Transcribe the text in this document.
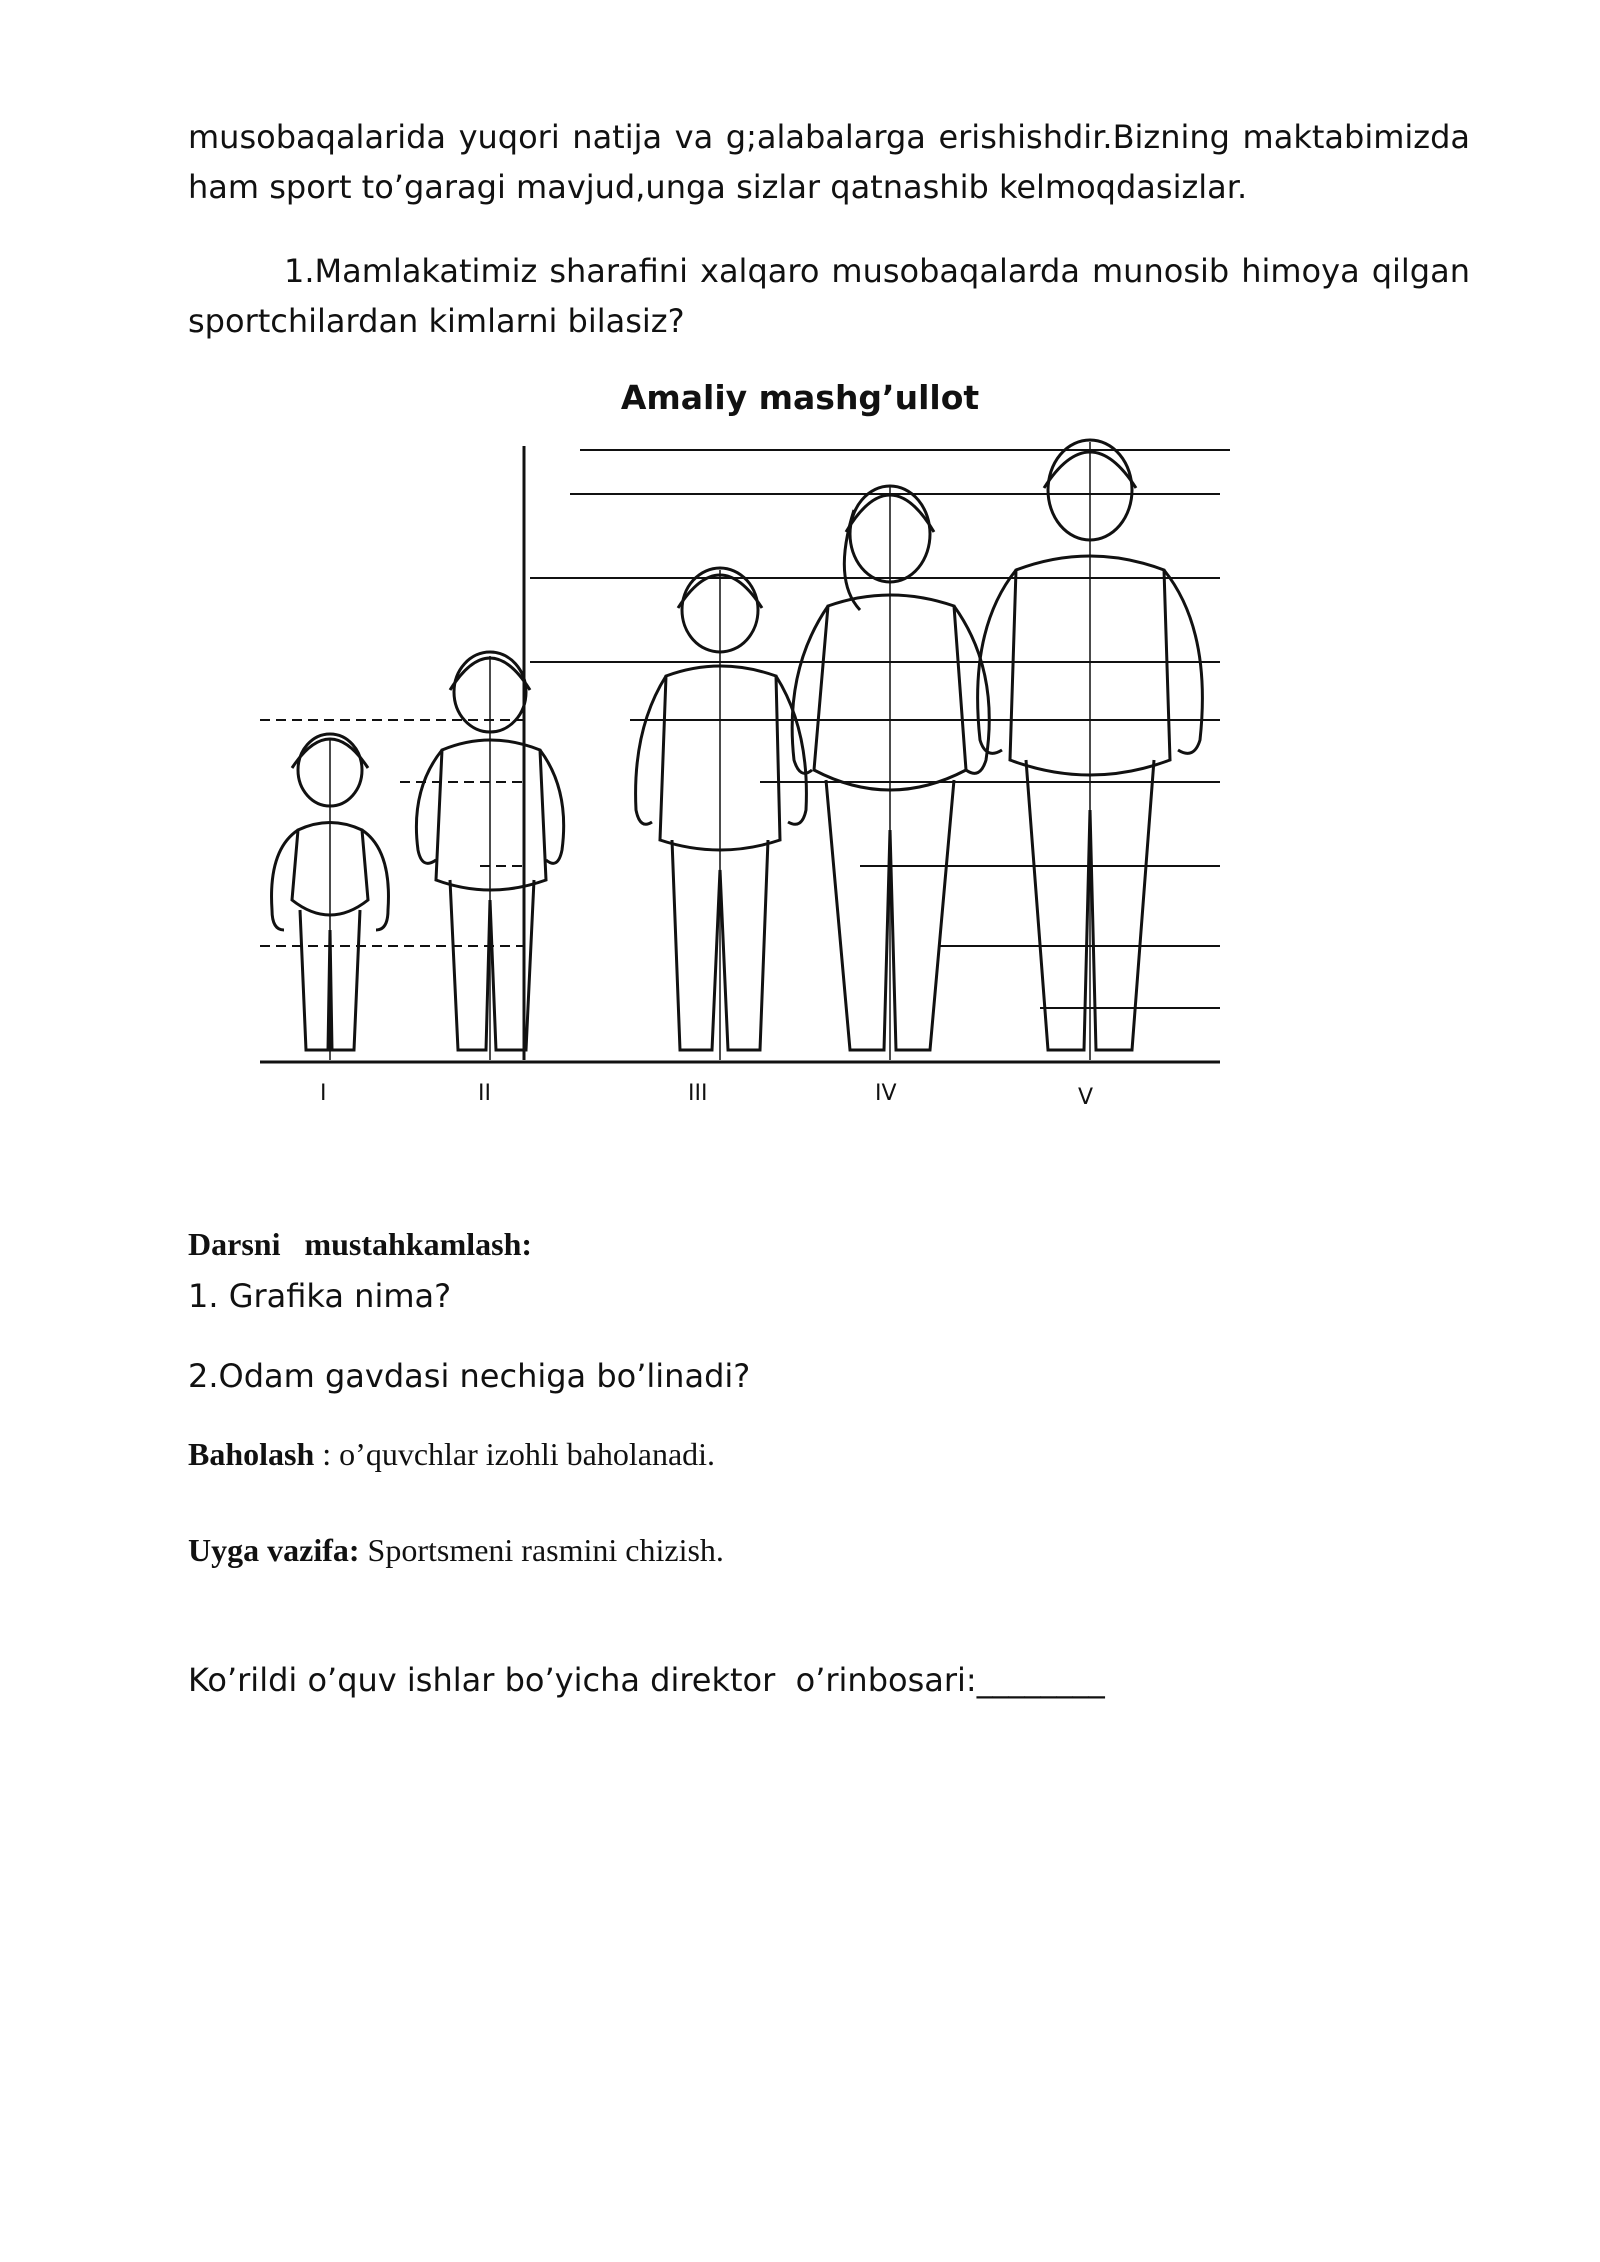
musobaqalarida yuqori natija va g;alabalarga erishishdir.Bizning maktabimizda ham sport to’garagi mavjud,unga sizlar qatnashib kelmoqdasizlar.

1.Mamlakatimiz sharafini xalqaro musobaqalarda munosib himoya qilgan sportchilardan kimlarni bilasiz?

Amaliy mashg’ullot
I	II	III	IV	V
Darsni   mustahkamlash:
1. Grafika nima?
2.Odam gavdasi nechiga bo’linadi?
Baholash : o’quvchlar izohli baholanadi.
Uyga vazifa: Sportsmeni rasmini chizish.
Ko’rildi o’quv ishlar bo’yicha direktor  o’rinbosari:________
